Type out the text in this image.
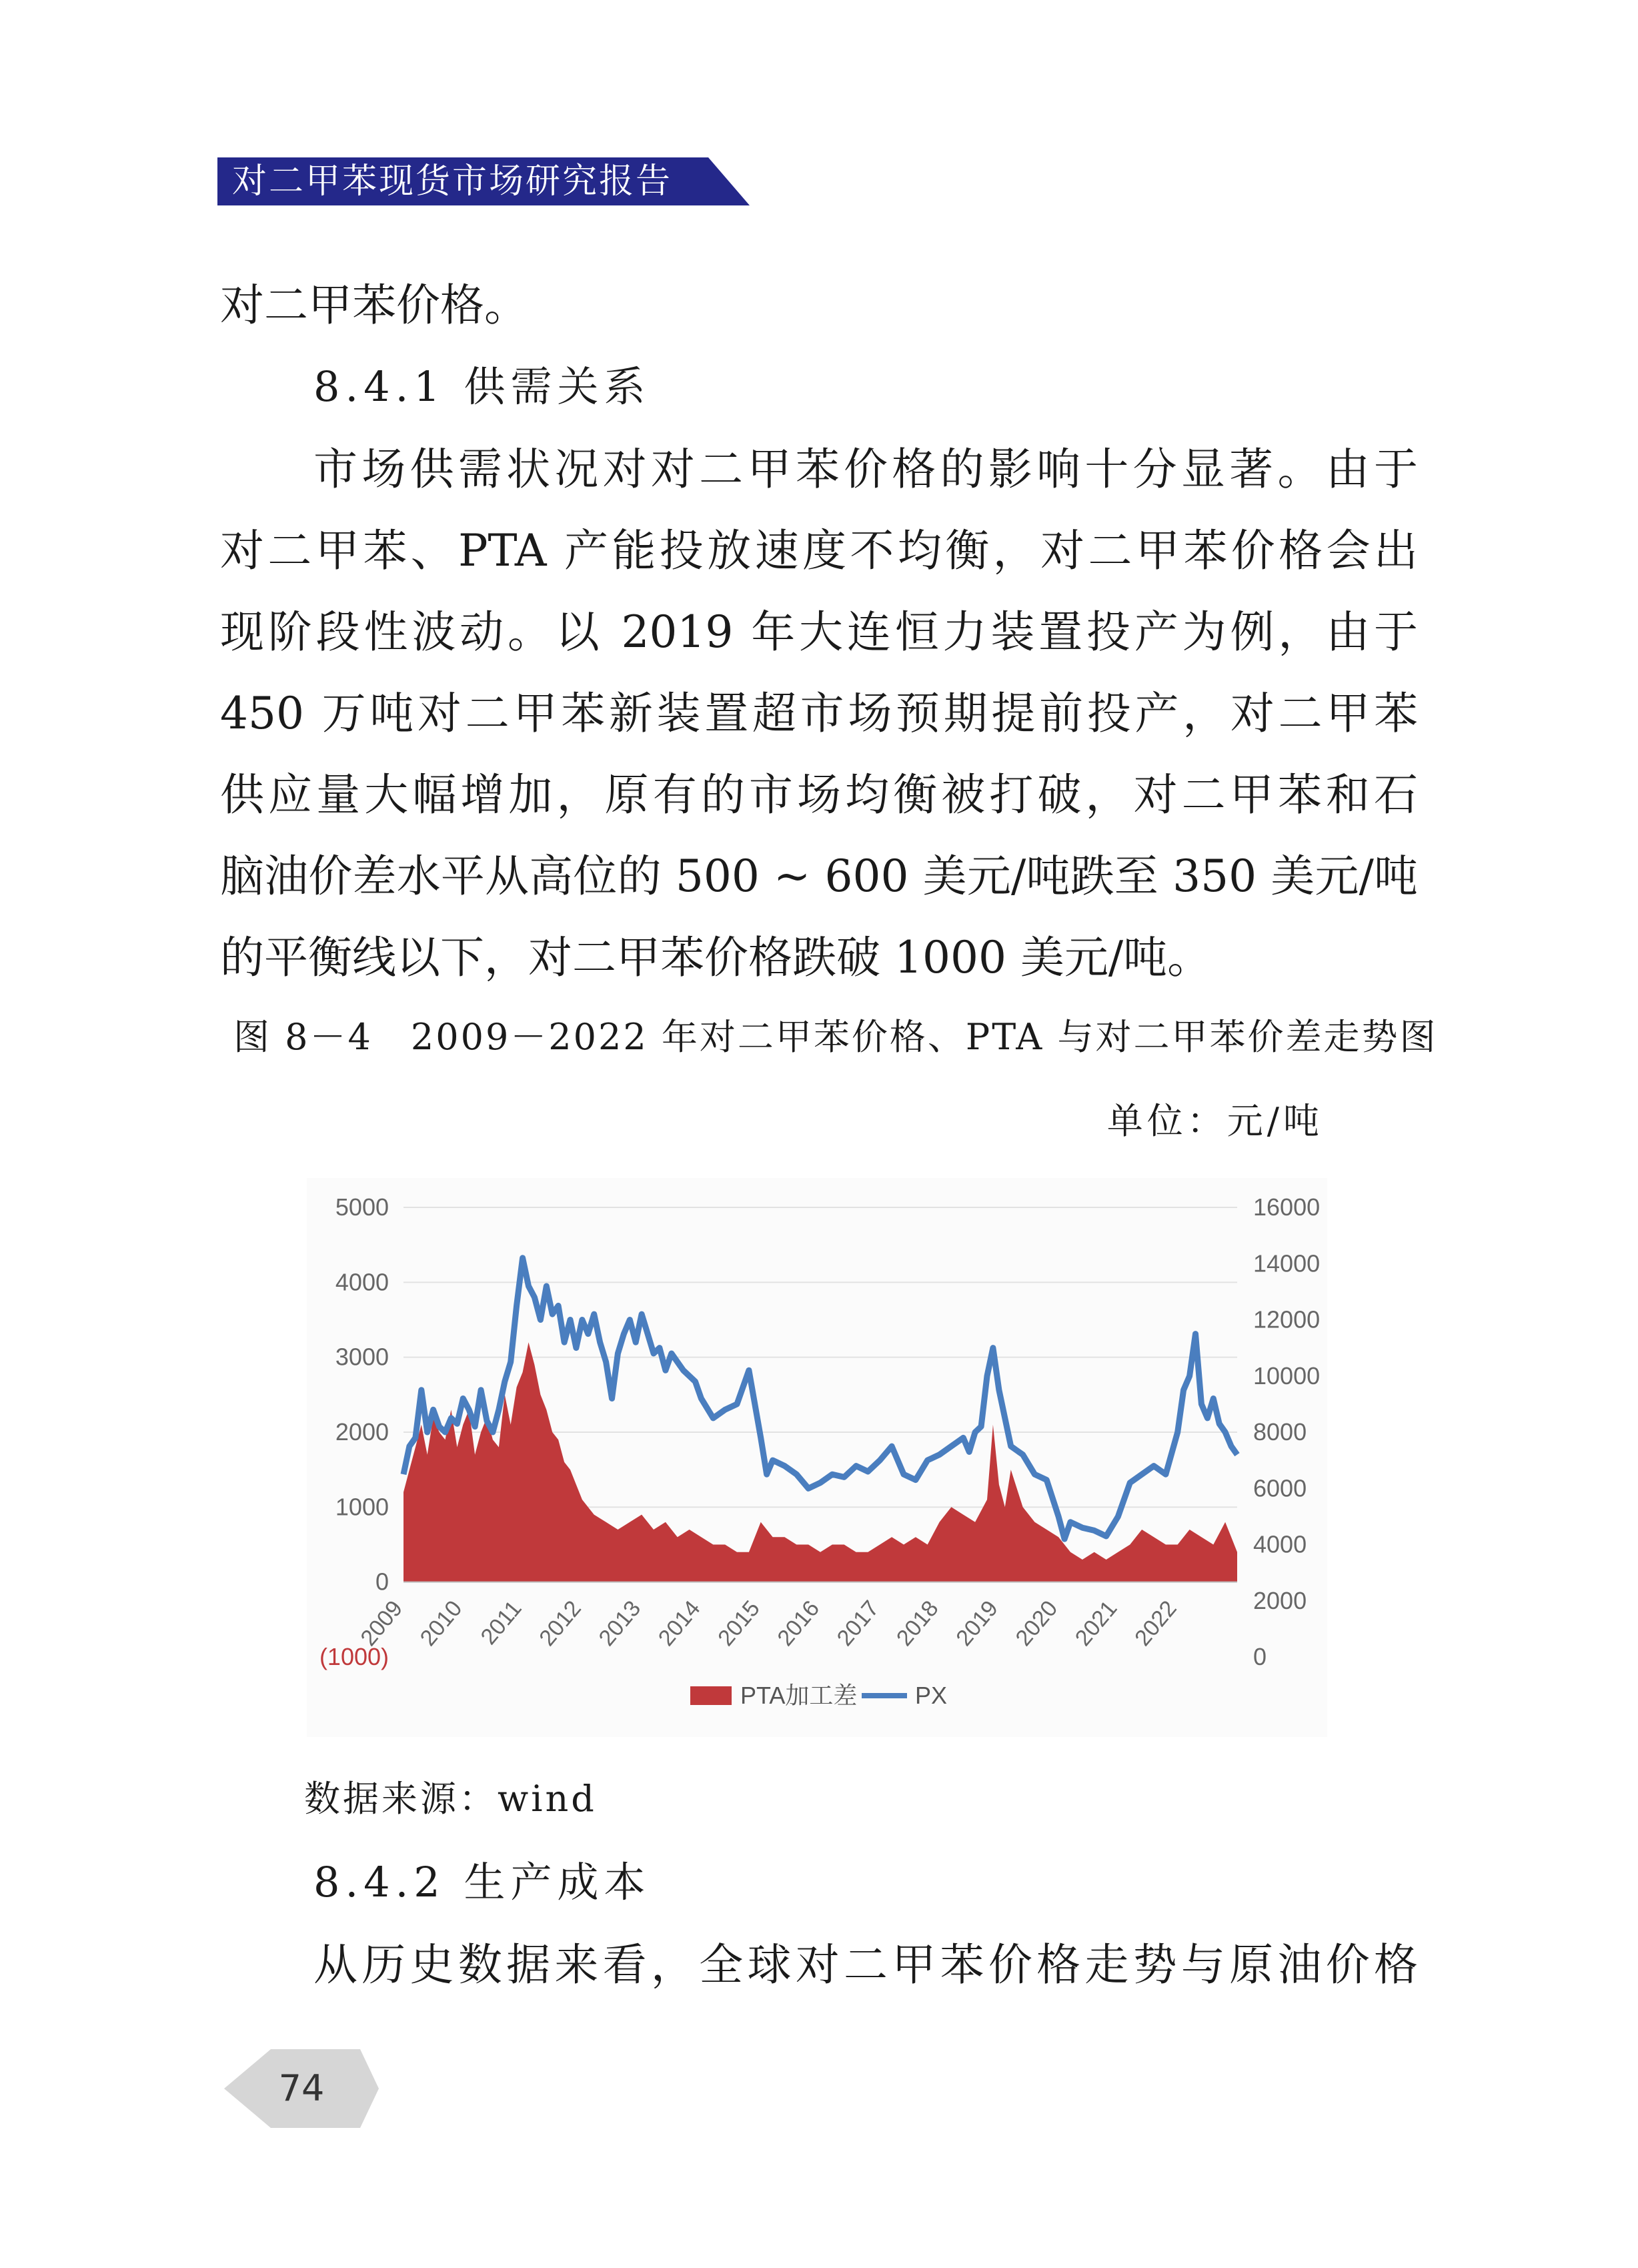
对二甲苯现货市场研究报告
对二甲苯价格。
8.4.1 供需关系
市场供需状况对对二甲苯价格的影响十分显著。由于
对二甲苯、PTA 产能投放速度不均衡，对二甲苯价格会出
现阶段性波动。以 2019 年大连恒力装置投产为例，由于
450 万吨对二甲苯新装置超市场预期提前投产，对二甲苯
供应量大幅增加，原有的市场均衡被打破，对二甲苯和石
脑油价差水平从高位的 500 ~ 600 美元/吨跌至 350 美元/吨
的平衡线以下，对二甲苯价格跌破 1000 美元/吨。
图 8－4　2009－2022 年对二甲苯价格、PTA 与对二甲苯价差走势图
单位：元/吨
5000
4000
3000
2000
1000
0
(1000)
16000
14000
12000
10000
8000
6000
4000
2000
0
2009 2010 2011 2012 2013 2014 2015 2016 2017 2018 2019 2020 2021 2022
PTA加工差 PX
数据来源：wind
8.4.2 生产成本
从历史数据来看，全球对二甲苯价格走势与原油价格
74
